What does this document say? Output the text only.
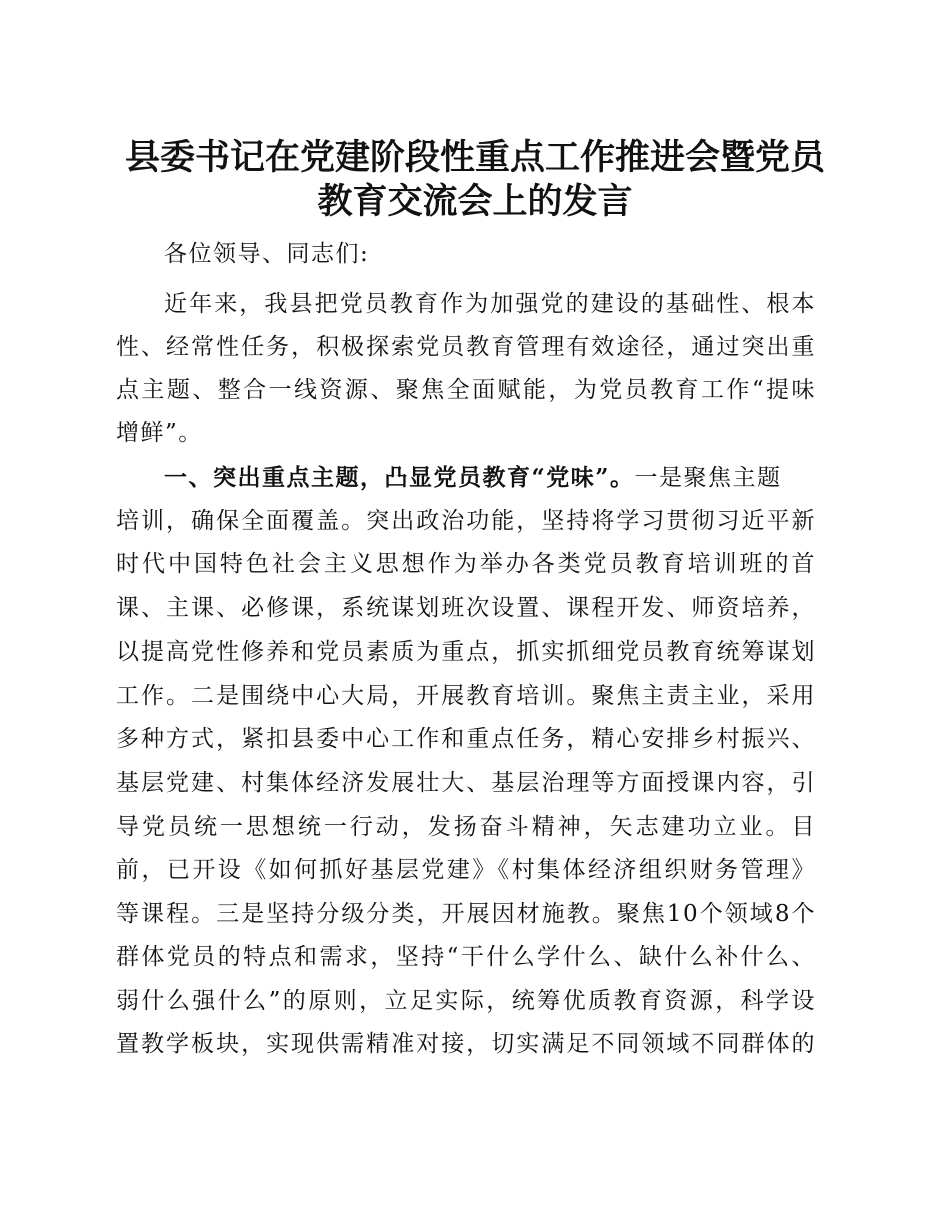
县委书记在党建阶段性重点工作推进会暨党员
教育交流会上的发言
各位领导、同志们:
近年来，我县把党员教育作为加强党的建设的基础性、根本
性、经常性任务，积极探索党员教育管理有效途径，通过突出重
点主题、整合一线资源、聚焦全面赋能，为党员教育工作“提味
增鲜”。
一、突出重点主题，凸显党员教育“党味”。一是聚焦主题
培训，确保全面覆盖。突出政治功能，坚持将学习贯彻习近平新
时代中国特色社会主义思想作为举办各类党员教育培训班的首
课、主课、必修课，系统谋划班次设置、课程开发、师资培养，
以提高党性修养和党员素质为重点，抓实抓细党员教育统筹谋划
工作。二是围绕中心大局，开展教育培训。聚焦主责主业，采用
多种方式，紧扣县委中心工作和重点任务，精心安排乡村振兴、
基层党建、村集体经济发展壮大、基层治理等方面授课内容，引
导党员统一思想统一行动，发扬奋斗精神，矢志建功立业。目
前，已开设《如何抓好基层党建》《村集体经济组织财务管理》
等课程。三是坚持分级分类，开展因材施教。聚焦10个领域8个
群体党员的特点和需求，坚持“干什么学什么、缺什么补什么、
弱什么强什么”的原则，立足实际，统筹优质教育资源，科学设
置教学板块，实现供需精准对接，切实满足不同领域不同群体的
